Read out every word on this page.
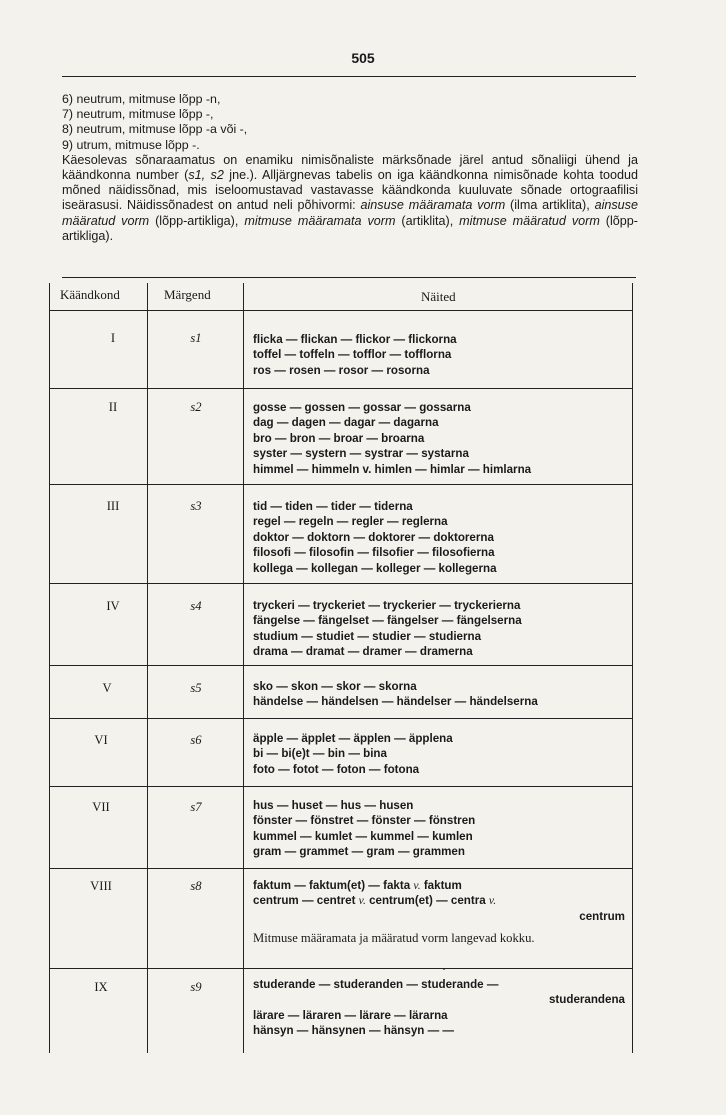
505
6) neutrum, mitmuse lõpp -n,
7) neutrum, mitmuse lõpp -,
8) neutrum, mitmuse lõpp -a või -,
9) utrum, mitmuse lõpp -.

Käesolevas sõnaraamatus on enamiku nimisõnaliste märksõnade järel antud sõnaliigi ühend ja käändkonna number (s1, s2 jne.). Alljärgnevas tabelis on iga käändkonna nimisõnade kohta toodud mõned näidissõnad, mis iseloomustavad vastavasse käändkonda kuuluvate sõnade ortograafilisi iseärasusi. Näidissõnadest on antud neli põhivormi: ainsuse määramata vorm (ilma artiklita), ainsuse määratud vorm (lõpp-artikliga), mitmuse määramata vorm (artiklita), mitmuse määratud vorm (lõpp-artikliga).

Käändkond	Märgend	Näited
I	s1	flicka — flickan — flickor — flickorna
toffel — toffeln — tofflor — tofflorna
ros — rosen — rosor — rosorna
II	s2	gosse — gossen — gossar — gossarna
dag — dagen — dagar — dagarna
bro — bron — broar — broarna
syster — systern — systrar — systarna
himmel — himmeln v. himlen — himlar — himlarna
III	s3	tid — tiden — tider — tiderna
regel — regeln — regler — reglerna
doktor — doktorn — doktorer — doktorerna
filosofi — filosofin — filsofier — filosofierna
kollega — kollegan — kolleger — kollegerna
IV	s4	tryckeri — tryckeriet — tryckerier — tryckerierna
fängelse — fängelset — fängelser — fängelserna
studium — studiet — studier — studierna
drama — dramat — dramer — dramerna
V	s5	sko — skon — skor — skorna
händelse — händelsen — händelser — händelserna
VI	s6	äpple — äpplet — äpplen — äpplena
bi — bi(e)t — bin — bina
foto — fotot — foton — fotona
VII	s7	hus — huset — hus — husen
fönster — fönstret — fönster — fönstren
kummel — kumlet — kummel — kumlen
gram — grammet — gram — grammen
VIII	s8	faktum — faktum(et) — fakta v. faktum
centrum — centret v. centrum(et) — centra v.
centrum
Mitmuse määramata ja määratud vorm langevad kokku.
·
IX	s9	studerande — studeranden — studerande —
studerandena
lärare — läraren — lärare — lärarna
hänsyn — hänsynen — hänsyn — —
